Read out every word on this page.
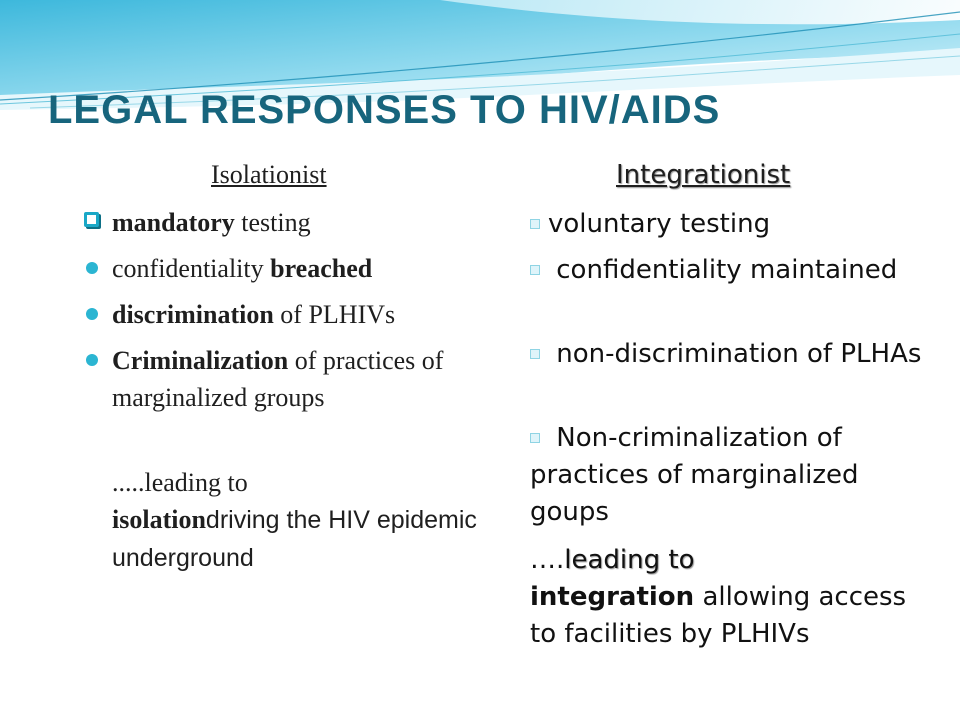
LEGAL RESPONSES TO HIV/AIDS
Isolationist
mandatory testing
confidentiality breached
discrimination of PLHIVs
Criminalization of practices of marginalized groups
.....leading to
isolationdriving the HIV epidemic underground
Integrationist
voluntary testing
confidentiality maintained
non-discrimination of PLHAs
Non-criminalization of practices of marginalized goups
….leading to
integration allowing access to facilities by PLHIVs
